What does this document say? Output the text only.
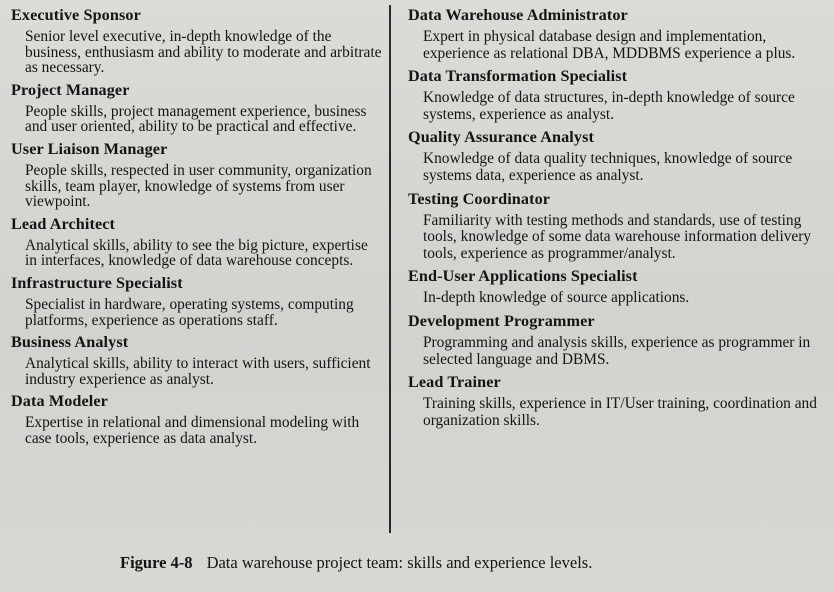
Executive Sponsor
Senior level executive, in-depth knowledge of the business, enthusiasm and ability to moderate and arbitrate as necessary.
Project Manager
People skills, project management experience, business and user oriented, ability to be practical and effective.
User Liaison Manager
People skills, respected in user community, organization skills, team player, knowledge of systems from user viewpoint.
Lead Architect
Analytical skills, ability to see the big picture, expertise in interfaces, knowledge of data warehouse concepts.
Infrastructure Specialist
Specialist in hardware, operating systems, computing platforms, experience as operations staff.
Business Analyst
Analytical skills, ability to interact with users, sufficient industry experience as analyst.
Data Modeler
Expertise in relational and dimensional modeling with case tools, experience as data analyst.
Data Warehouse Administrator
Expert in physical database design and implementation, experience as relational DBA, MDDBMS experience a plus.
Data Transformation Specialist
Knowledge of data structures, in-depth knowledge of source systems, experience as analyst.
Quality Assurance Analyst
Knowledge of data quality techniques, knowledge of source systems data, experience as analyst.
Testing Coordinator
Familiarity with testing methods and standards, use of testing tools, knowledge of some data warehouse information delivery tools, experience as programmer/analyst.
End-User Applications Specialist
In-depth knowledge of source applications.
Development Programmer
Programming and analysis skills, experience as programmer in selected language and DBMS.
Lead Trainer
Training skills, experience in IT/User training, coordination and organization skills.
Figure 4-8 Data warehouse project team: skills and experience levels.
